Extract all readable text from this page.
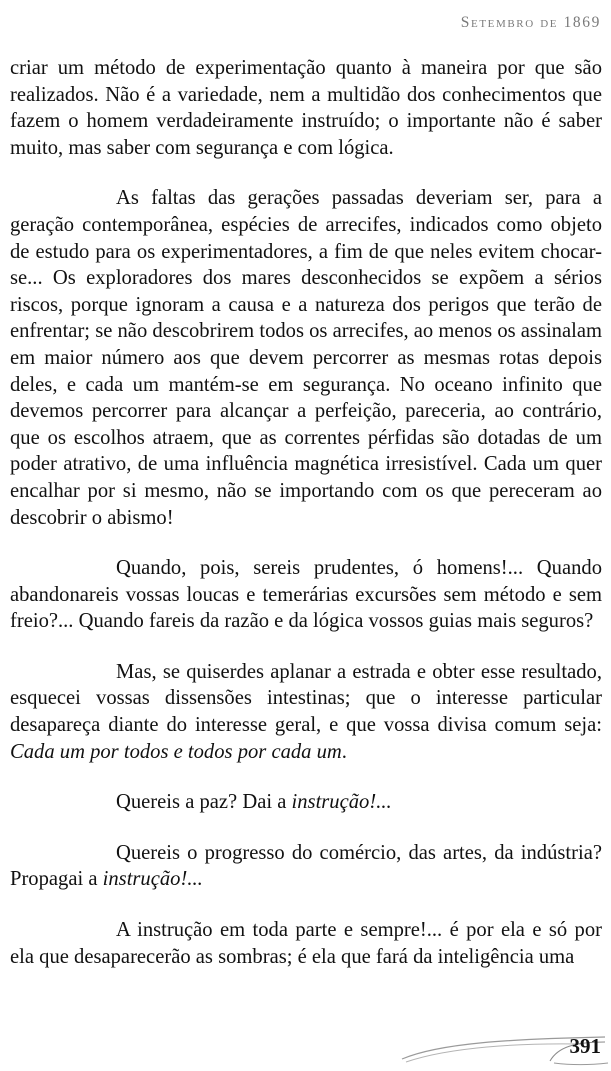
Setembro de 1869

criar um método de experimentação quanto à maneira por que são realizados. Não é a variedade, nem a multidão dos conhecimentos que fazem o homem verdadeiramente instruído; o importante não é saber muito, mas saber com segurança e com lógica.

As faltas das gerações passadas deveriam ser, para a geração contemporânea, espécies de arrecifes, indicados como objeto de estudo para os experimentadores, a fim de que neles evitem chocar-se... Os exploradores dos mares desconhecidos se expõem a sérios riscos, porque ignoram a causa e a natureza dos perigos que terão de enfrentar; se não descobrirem todos os arrecifes, ao menos os assinalam em maior número aos que devem percorrer as mesmas rotas depois deles, e cada um mantém-se em segurança. No oceano infinito que devemos percorrer para alcançar a perfeição, pareceria, ao contrário, que os escolhos atraem, que as correntes pérfidas são dotadas de um poder atrativo, de uma influência magnética irresistível. Cada um quer encalhar por si mesmo, não se importando com os que pereceram ao descobrir o abismo!

Quando, pois, sereis prudentes, ó homens!... Quando abandonareis vossas loucas e temerárias excursões sem método e sem freio?... Quando fareis da razão e da lógica vossos guias mais seguros?

Mas, se quiserdes aplanar a estrada e obter esse resultado, esquecei vossas dissensões intestinas; que o interesse particular desapareça diante do interesse geral, e que vossa divisa comum seja: Cada um por todos e todos por cada um.

Quereis a paz? Dai a instrução!...

Quereis o progresso do comércio, das artes, da indústria? Propagai a instrução!...

A instrução em toda parte e sempre!... é por ela e só por ela que desaparecerão as sombras; é ela que fará da inteligência uma

391
